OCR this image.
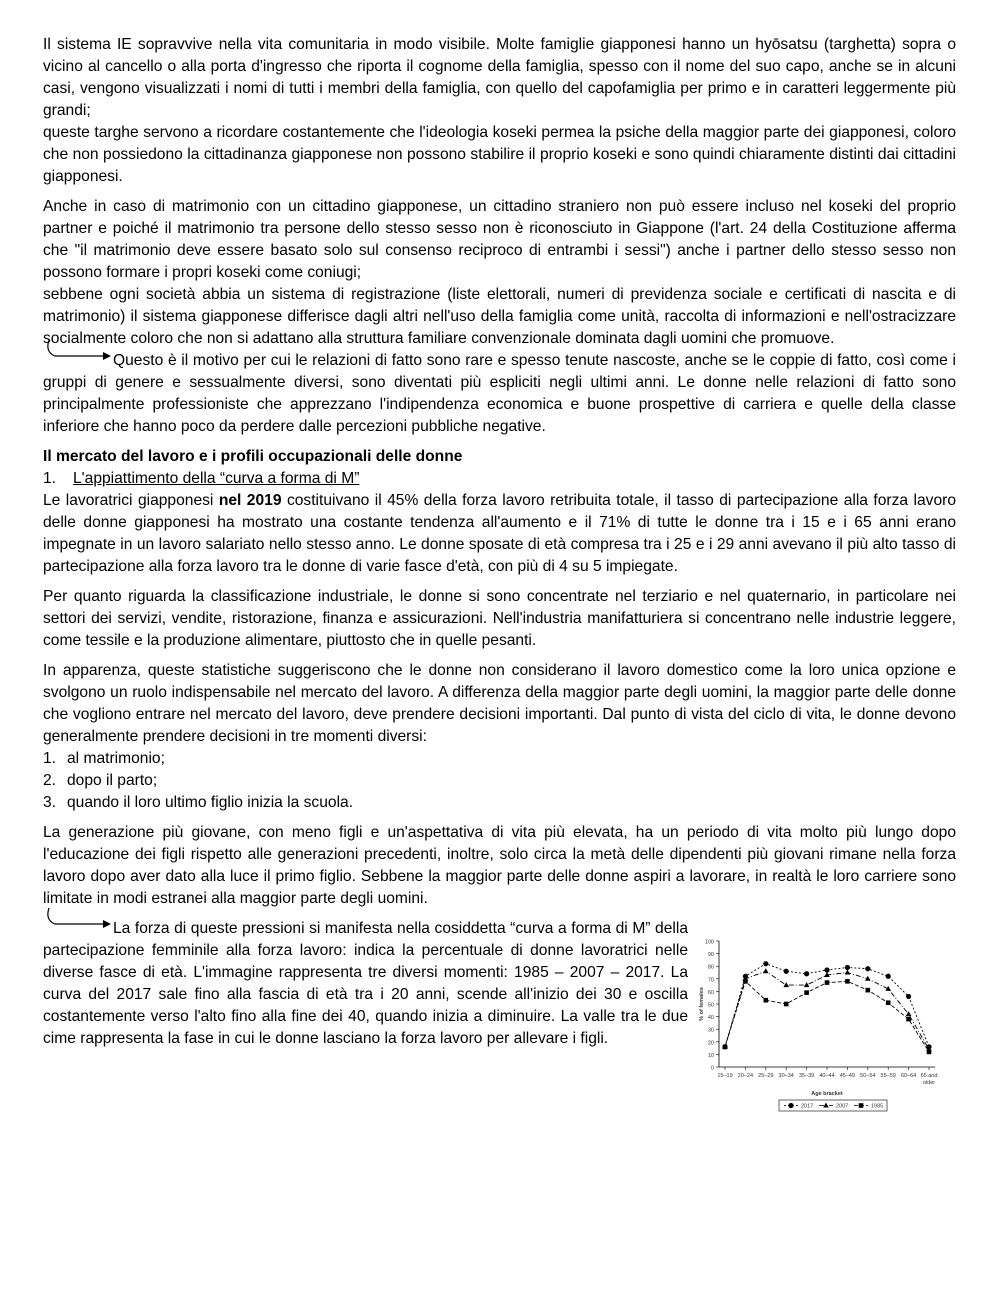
Il sistema IE sopravvive nella vita comunitaria in modo visibile. Molte famiglie giapponesi hanno un hyōsatsu (targhetta) sopra o vicino al cancello o alla porta d'ingresso che riporta il cognome della famiglia, spesso con il nome del suo capo, anche se in alcuni casi, vengono visualizzati i nomi di tutti i membri della famiglia, con quello del capofamiglia per primo e in caratteri leggermente più grandi;

queste targhe servono a ricordare costantemente che l'ideologia koseki permea la psiche della maggior parte dei giapponesi, coloro che non possiedono la cittadinanza giapponese non possono stabilire il proprio koseki e sono quindi chiaramente distinti dai cittadini giapponesi.

Anche in caso di matrimonio con un cittadino giapponese, un cittadino straniero non può essere incluso nel koseki del proprio partner e poiché il matrimonio tra persone dello stesso sesso non è riconosciuto in Giappone (l'art. 24 della Costituzione afferma che "il matrimonio deve essere basato solo sul consenso reciproco di entrambi i sessi") anche i partner dello stesso sesso non possono formare i propri koseki come coniugi;

sebbene ogni società abbia un sistema di registrazione (liste elettorali, numeri di previdenza sociale e certificati di nascita e di matrimonio) il sistema giapponese differisce dagli altri nell'uso della famiglia come unità, raccolta di informazioni e nell'ostracizzare socialmente coloro che non si adattano alla struttura familiare convenzionale dominata dagli uomini che promuove.

Questo è il motivo per cui le relazioni di fatto sono rare e spesso tenute nascoste, anche se le coppie di fatto, così come i gruppi di genere e sessualmente diversi, sono diventati più espliciti negli ultimi anni. Le donne nelle relazioni di fatto sono principalmente professioniste che apprezzano l'indipendenza economica e buone prospettive di carriera e quelle della classe inferiore che hanno poco da perdere dalle percezioni pubbliche negative.

Il mercato del lavoro e i profili occupazionali delle donne
1. L'appiattimento della “curva a forma di M”

Le lavoratrici giapponesi nel 2019 costituivano il 45% della forza lavoro retribuita totale, il tasso di partecipazione alla forza lavoro delle donne giapponesi ha mostrato una costante tendenza all'aumento e il 71% di tutte le donne tra i 15 e i 65 anni erano impegnate in un lavoro salariato nello stesso anno. Le donne sposate di età compresa tra i 25 e i 29 anni avevano il più alto tasso di partecipazione alla forza lavoro tra le donne di varie fasce d'età, con più di 4 su 5 impiegate.

Per quanto riguarda la classificazione industriale, le donne si sono concentrate nel terziario e nel quaternario, in particolare nei settori dei servizi, vendite, ristorazione, finanza e assicurazioni. Nell'industria manifatturiera si concentrano nelle industrie leggere, come tessile e la produzione alimentare, piuttosto che in quelle pesanti.

In apparenza, queste statistiche suggeriscono che le donne non considerano il lavoro domestico come la loro unica opzione e svolgono un ruolo indispensabile nel mercato del lavoro. A differenza della maggior parte degli uomini, la maggior parte delle donne che vogliono entrare nel mercato del lavoro, deve prendere decisioni importanti. Dal punto di vista del ciclo di vita, le donne devono generalmente prendere decisioni in tre momenti diversi:

1. al matrimonio;
2. dopo il parto;
3. quando il loro ultimo figlio inizia la scuola.

La generazione più giovane, con meno figli e un'aspettativa di vita più elevata, ha un periodo di vita molto più lungo dopo l'educazione dei figli rispetto alle generazioni precedenti, inoltre, solo circa la metà delle dipendenti più giovani rimane nella forza lavoro dopo aver dato alla luce il primo figlio. Sebbene la maggior parte delle donne aspiri a lavorare, in realtà le loro carriere sono limitate in modi estranei alla maggior parte degli uomini.

La forza di queste pressioni si manifesta nella cosiddetta “curva a forma di M” della partecipazione femminile alla forza lavoro: indica la percentuale di donne lavoratrici nelle diverse fasce di età. L'immagine rappresenta tre diversi momenti: 1985 – 2007 – 2017. La curva del 2017 sale fino alla fascia di età tra i 20 anni, scende all'inizio dei 30 e oscilla costantemente verso l'alto fino alla fine dei 40, quando inizia a diminuire. La valle tra le due cime rappresenta la fase in cui le donne lasciano la forza lavoro per allevare i figli.

0
10
20
30
40
50
60
70
80
90
100
15–19 20–24 25–29 30–34 35–39 40–44 45–49 50–54 55–59 60–64 65 and
older
% of females
Age bracket
2017	2007	1985
